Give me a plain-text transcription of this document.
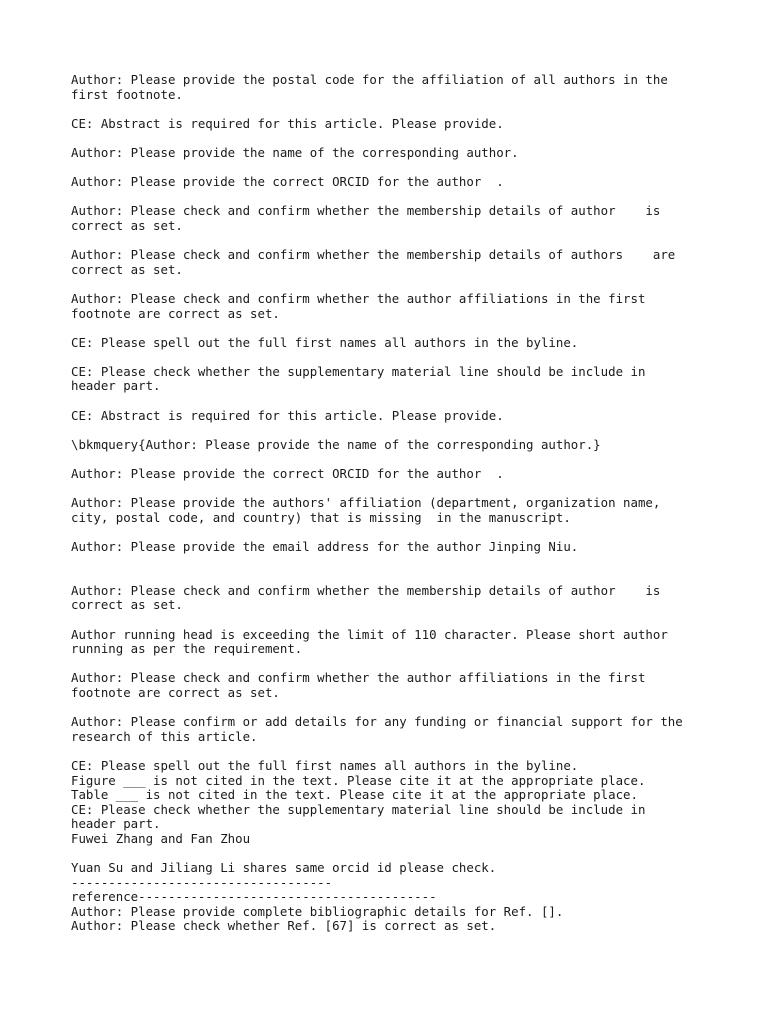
Author: Please provide the postal code for the affiliation of all authors in the
first footnote.
CE: Abstract is required for this article. Please provide.
Author: Please provide the name of the corresponding author.
Author: Please provide the correct ORCID for the author  .
Author: Please check and confirm whether the membership details of author    is
correct as set.
Author: Please check and confirm whether the membership details of authors    are
correct as set.
Author: Please check and confirm whether the author affiliations in the first
footnote are correct as set.
CE: Please spell out the full first names all authors in the byline.
CE: Please check whether the supplementary material line should be include in
header part.
CE: Abstract is required for this article. Please provide.
\bkmquery{Author: Please provide the name of the corresponding author.}
Author: Please provide the correct ORCID for the author  .
Author: Please provide the authors' affiliation (department, organization name,
city, postal code, and country) that is missing  in the manuscript.
Author: Please provide the email address for the author Jinping Niu.
Author: Please check and confirm whether the membership details of author    is
correct as set.
Author running head is exceeding the limit of 110 character. Please short author
running as per the requirement.
Author: Please check and confirm whether the author affiliations in the first
footnote are correct as set.
Author: Please confirm or add details for any funding or financial support for the
research of this article.
CE: Please spell out the full first names all authors in the byline.
Figure ___ is not cited in the text. Please cite it at the appropriate place.
Table ___ is not cited in the text. Please cite it at the appropriate place.
CE: Please check whether the supplementary material line should be include in
header part.
Fuwei Zhang and Fan Zhou
Yuan Su and Jiliang Li shares same orcid id please check.
-----------------------------------
reference----------------------------------------
Author: Please provide complete bibliographic details for Ref. [].
Author: Please check whether Ref. [67] is correct as set.
